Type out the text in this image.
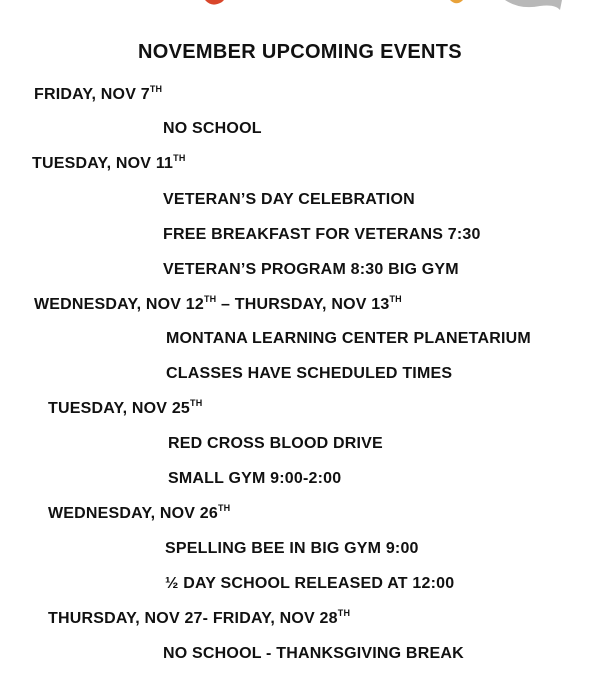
NOVEMBER UPCOMING EVENTS
FRIDAY, NOV 7TH
NO SCHOOL
TUESDAY, NOV 11TH
VETERAN’S DAY CELEBRATION
FREE BREAKFAST FOR VETERANS 7:30
VETERAN’S PROGRAM 8:30 BIG GYM
WEDNESDAY, NOV 12TH – THURSDAY, NOV 13TH
MONTANA LEARNING CENTER PLANETARIUM
CLASSES HAVE SCHEDULED TIMES
TUESDAY, NOV 25TH
RED CROSS BLOOD DRIVE
SMALL GYM 9:00-2:00
WEDNESDAY, NOV 26TH
SPELLING BEE IN BIG GYM 9:00
½ DAY SCHOOL RELEASED AT 12:00
THURSDAY, NOV 27- FRIDAY, NOV 28TH
NO SCHOOL - THANKSGIVING BREAK
